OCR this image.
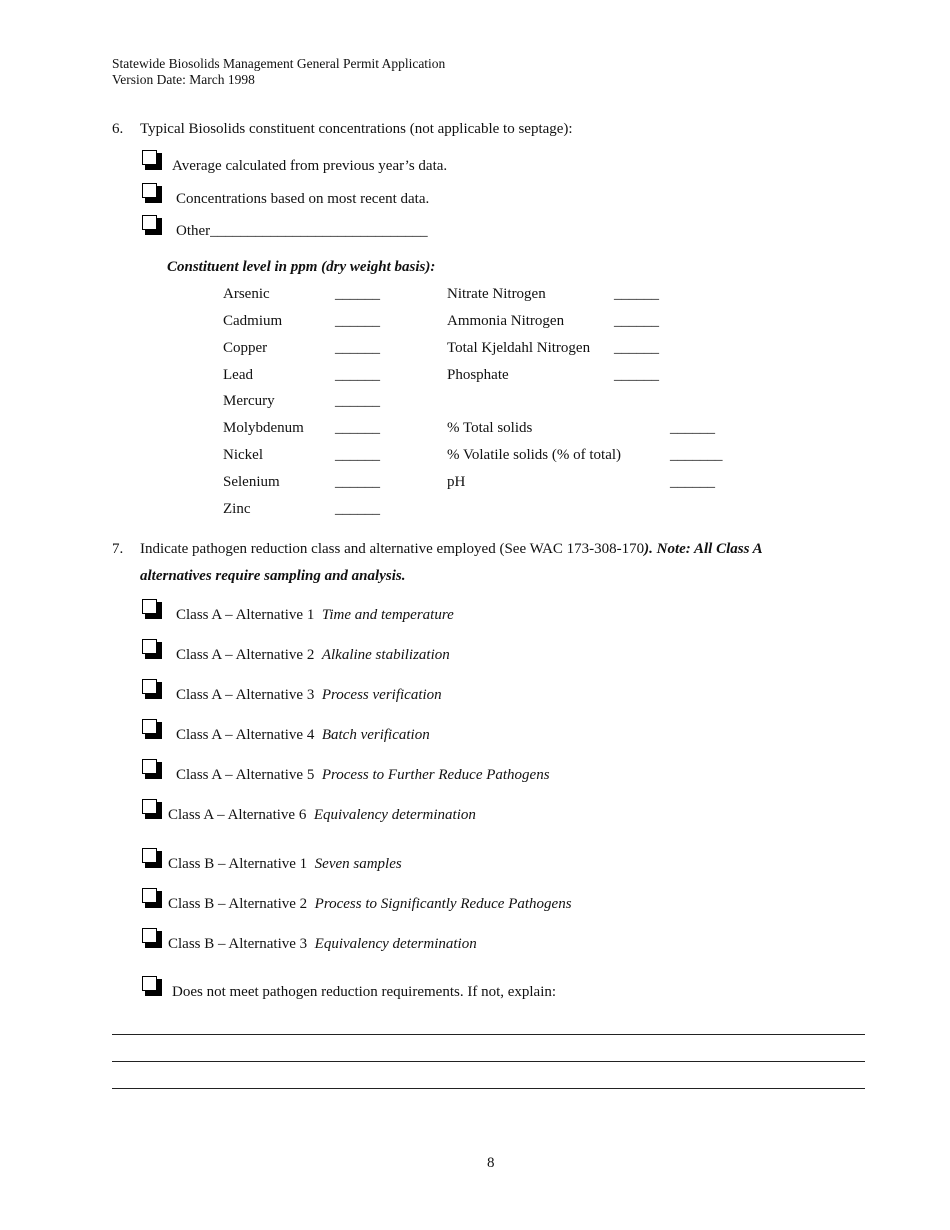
Statewide Biosolids Management General Permit Application
Version Date: March 1998
6. Typical Biosolids constituent concentrations (not applicable to septage):
Average calculated from previous year’s data.
Concentrations based on most recent data.
Other_____________________________
Constituent level in ppm (dry weight basis):
Arsenic	______
Cadmium	______
Copper	______
Lead	______
Mercury	______
Molybdenum ______
Nickel	______
Selenium	______
Zinc	______
Nitrate Nitrogen	______
Ammonia Nitrogen	______
Total Kjeldahl Nitrogen ______
Phosphate	______
% Total solids	______
% Volatile solids (% of total)	_______
pH	______
7. Indicate pathogen reduction class and alternative employed (See WAC 173-308-170). Note: All Class A
alternatives require sampling and analysis.
Class A – Alternative 1 Time and temperature
Class A – Alternative 2 Alkaline stabilization
Class A – Alternative 3 Process verification
Class A – Alternative 4 Batch verification
Class A – Alternative 5 Process to Further Reduce Pathogens
Class A – Alternative 6 Equivalency determination
Class B – Alternative 1 Seven samples
Class B – Alternative 2 Process to Significantly Reduce Pathogens
Class B – Alternative 3 Equivalency determination
Does not meet pathogen reduction requirements. If not, explain:
8
